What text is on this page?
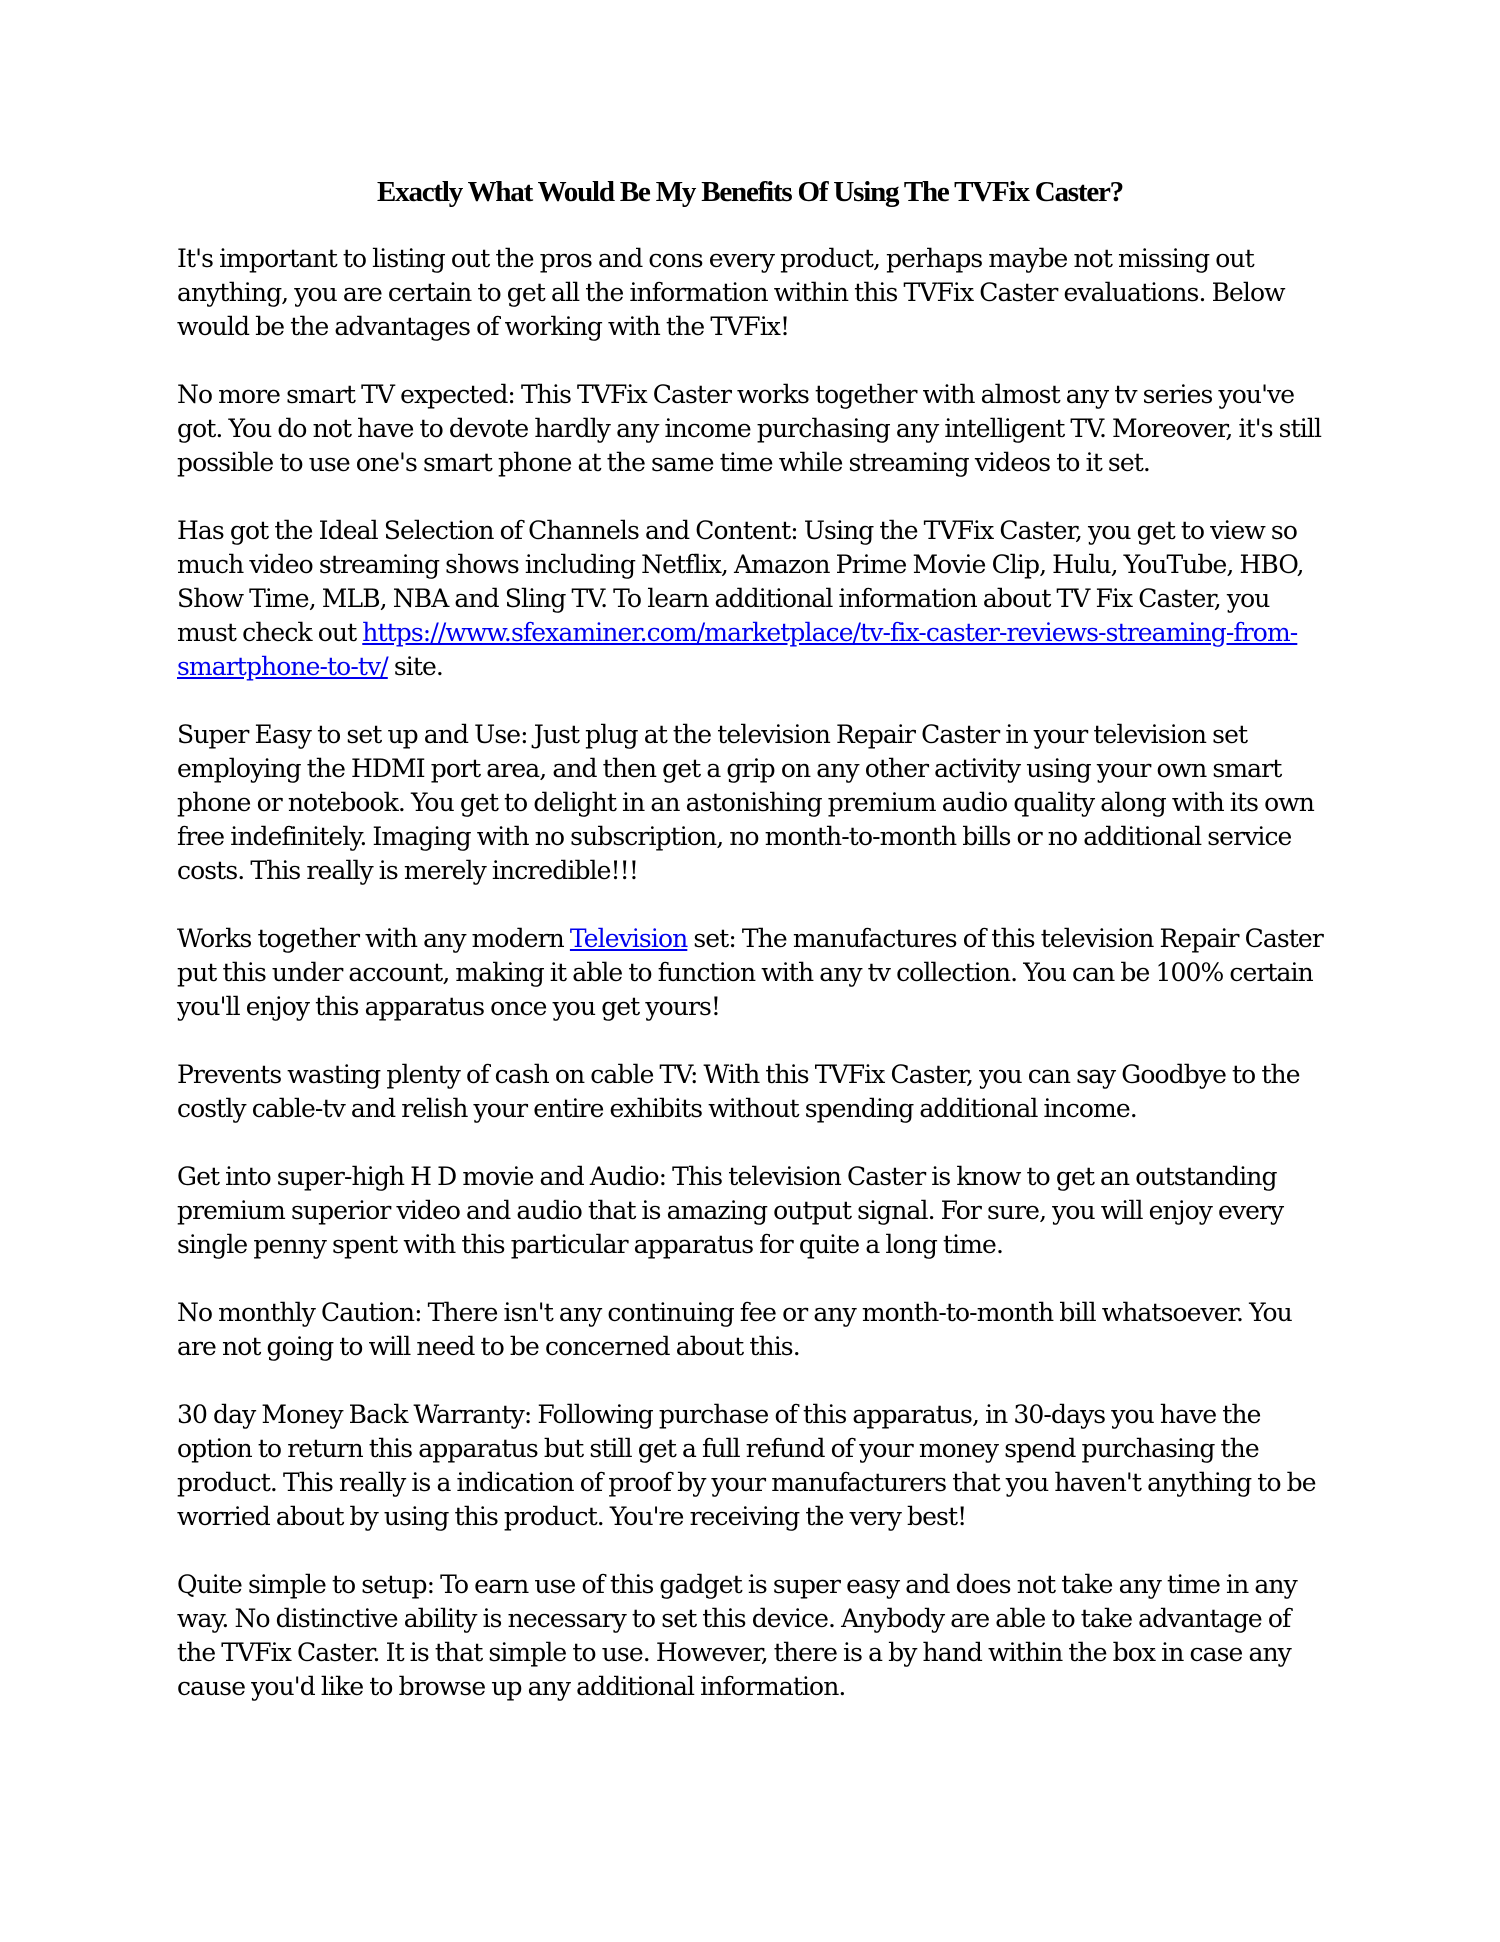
Exactly What Would Be My Benefits Of Using The TVFix Caster?

It's important to listing out the pros and cons every product, perhaps maybe not missing out anything, you are certain to get all the information within this TVFix Caster evaluations. Below would be the advantages of working with the TVFix!

No more smart TV expected: This TVFix Caster works together with almost any tv series you've got. You do not have to devote hardly any income purchasing any intelligent TV. Moreover, it's still possible to use one's smart phone at the same time while streaming videos to it set.

Has got the Ideal Selection of Channels and Content: Using the TVFix Caster, you get to view so much video streaming shows including Netflix, Amazon Prime Movie Clip, Hulu, YouTube, HBO, Show Time, MLB, NBA and Sling TV. To learn additional information about TV Fix Caster, you must check out https://www.sfexaminer.com/marketplace/tv-fix-caster-reviews-streaming-from-smartphone-to-tv/ site.

Super Easy to set up and Use: Just plug at the television Repair Caster in your television set employing the HDMI port area, and then get a grip on any other activity using your own smart phone or notebook. You get to delight in an astonishing premium audio quality along with its own free indefinitely. Imaging with no subscription, no month-to-month bills or no additional service costs. This really is merely incredible!!!

Works together with any modern Television set: The manufactures of this television Repair Caster put this under account, making it able to function with any tv collection. You can be 100% certain you'll enjoy this apparatus once you get yours!

Prevents wasting plenty of cash on cable TV: With this TVFix Caster, you can say Goodbye to the costly cable-tv and relish your entire exhibits without spending additional income.

Get into super-high H D movie and Audio: This television Caster is know to get an outstanding premium superior video and audio that is amazing output signal. For sure, you will enjoy every single penny spent with this particular apparatus for quite a long time.

No monthly Caution: There isn't any continuing fee or any month-to-month bill whatsoever. You are not going to will need to be concerned about this.

30 day Money Back Warranty: Following purchase of this apparatus, in 30-days you have the option to return this apparatus but still get a full refund of your money spend purchasing the product. This really is a indication of proof by your manufacturers that you haven't anything to be worried about by using this product. You're receiving the very best!

Quite simple to setup: To earn use of this gadget is super easy and does not take any time in any way. No distinctive ability is necessary to set this device. Anybody are able to take advantage of the TVFix Caster. It is that simple to use. However, there is a by hand within the box in case any cause you'd like to browse up any additional information.
